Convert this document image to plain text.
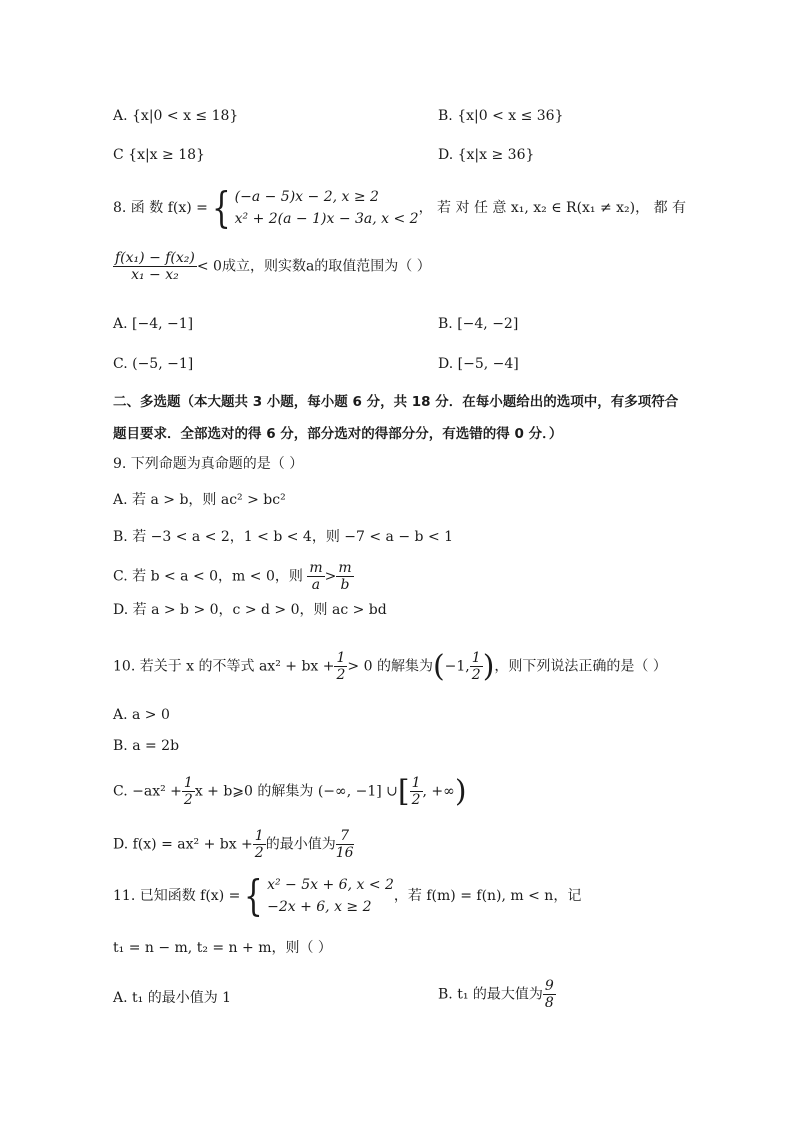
A. {x|0 < x ≤ 18}	B. {x|0 < x ≤ 36}
C {x|x ≥ 18}	D. {x|x ≥ 36}
8. 函 数 f(x) ={ (−a − 5)x − 2, x ≥ 2
x² + 2(a − 1)x − 3a, x < 2
， 若 对 任 意 x₁, x₂ ∈ R(x₁ ≠ x₂)， 都 有
$\frac{\text{f(x₁) − f(x₂)}}{\text{x₁ − x₂}} < 0$成立，则实数a的取值范围为（ ）
A. [−4, −1]	B. [−4, −2]
C. (−5, −1]	D. [−5, −4]
二、多选题（本大题共 3 小题，每小题 6 分，共 18 分．在每小题给出的选项中，有多项符合
题目要求．全部选对的得 6 分，部分选对的得部分分，有选错的得 0 分．）
9. 下列命题为真命题的是（ ）
A. 若 a > b，则 ac² > bc²
B. 若 −3 < a < 2，1 < b < 4，则 −7 < a − b < 1
C. 若 b < a < 0，m < 0，则 $\frac{m}{a} > \frac{m}{b}$
D. 若 a > b > 0，c > d > 0，则 ac > bd
10. 若关于 x 的不等式 ax² + bx + $\frac{1}{2} > 0$ 的解集为(−1, $\frac{1}{2}$ )，则下列说法正确的是（ ）
A. a > 0
B. a = 2b
C. $-ax^2 + \frac{1}{2}$ x + b⩾0 的解集为 (−∞, −1] ∪[ $\frac{1}{2}$ , +∞)
D. f(x) = ax² + bx + $\frac{1}{2}$ 的最小值为 $\frac{7}{16}$
11. 已知函数 f(x) ={ x² − 5x + 6, x < 2
−2x + 6, x ≥ 2
，若 f(m) = f(n), m < n，记
t₁ = n − m, t₂ = n + m，则（ ）
A. t₁ 的最小值为 1	B. t₁ 的最大值为 $\frac{9}{8}$
